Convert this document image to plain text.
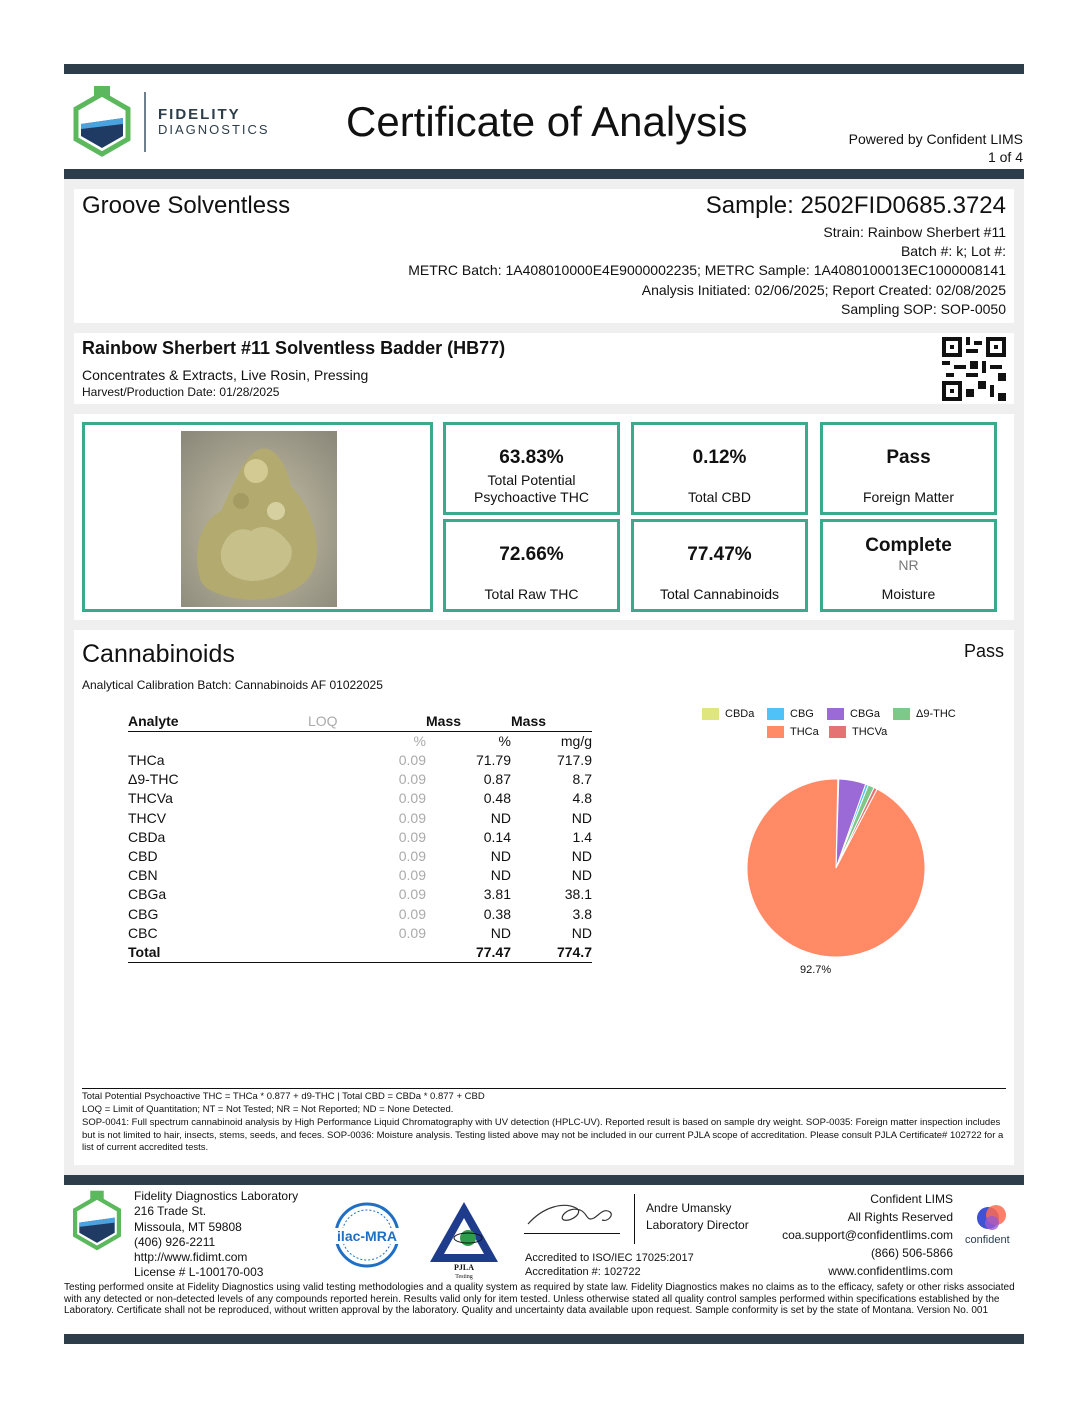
FIDELITY
DIAGNOSTICS Certificate of Analysis	Powered by Confident LIMS
1 of 4
Groove Solventless	Sample: 2502FID0685.3724
Strain: Rainbow Sherbert #11
Batch #: k; Lot #:
METRC Batch: 1A408010000E4E9000002235; METRC Sample: 1A4080100013EC1000008141
Analysis Initiated: 02/06/2025; Report Created: 02/08/2025
Sampling SOP: SOP-0050
Rainbow Sherbert #11 Solventless Badder (HB77)
Concentrates & Extracts, Live Rosin, Pressing
Harvest/Production Date: 01/28/2025
63.83%
Total Potential
Psychoactive THC
0.12%
Total CBD
Pass
Foreign Matter
72.66%
Total Raw THC
77.47%
Total Cannabinoids
Complete
NR
Moisture
Cannabinoids	Pass
Analytical Calibration Batch: Cannabinoids AF 01022025
Analyte	LOQ	Mass	Mass
	%	%	mg/g
THCa	0.09	71.79	717.9
Δ9-THC	0.09	0.87	8.7
THCVa	0.09	0.48	4.8
THCV	0.09	ND	ND
CBDa	0.09	0.14	1.4
CBD	0.09	ND	ND
CBN	0.09	ND	ND
CBGa	0.09	3.81	38.1
CBG	0.09	0.38	3.8
CBC	0.09	ND	ND
Total		77.47	774.7
CBDa	CBG	CBGa	Δ9-THC
THCa	THCVa
92.7%
Total Potential Psychoactive THC = THCa * 0.877 + d9-THC | Total CBD = CBDa * 0.877 + CBD
LOQ = Limit of Quantitation; NT = Not Tested; NR = Not Reported; ND = None Detected.
SOP-0041: Full spectrum cannabinoid analysis by High Performance Liquid Chromatography with UV detection (HPLC-UV). Reported result is based on sample dry weight. SOP-0035: Foreign matter inspection includes but is not limited to hair, insects, stems, seeds, and feces. SOP-0036: Moisture analysis. Testing listed above may not be included in our current PJLA scope of accreditation. Please consult PJLA Certificate# 102722 for a list of current accredited tests.
Fidelity Diagnostics Laboratory
216 Trade St.
Missoula, MT 59808
(406) 926-2211
http://www.fidimt.com
License # L-100170-003
ilac-MRA
PJLA
Testing
Andre Umansky
Laboratory Director
Accredited to ISO/IEC 17025:2017
Accreditation #: 102722
Confident LIMS
All Rights Reserved
coa.support@confidentlims.com
(866) 506-5866
www.confidentlims.com
confident
Testing performed onsite at Fidelity Diagnostics using valid testing methodologies and a quality system as required by state law. Fidelity Diagnostics makes no claims as to the efficacy, safety or other risks associated with any detected or non-detected levels of any compounds reported herein. Results valid only for item tested. Unless otherwise stated all quality control samples performed within specifications established by the Laboratory. Certificate shall not be reproduced, without written approval by the laboratory. Quality and uncertainty data available upon request. Sample conformity is set by the state of Montana. Version No. 001
